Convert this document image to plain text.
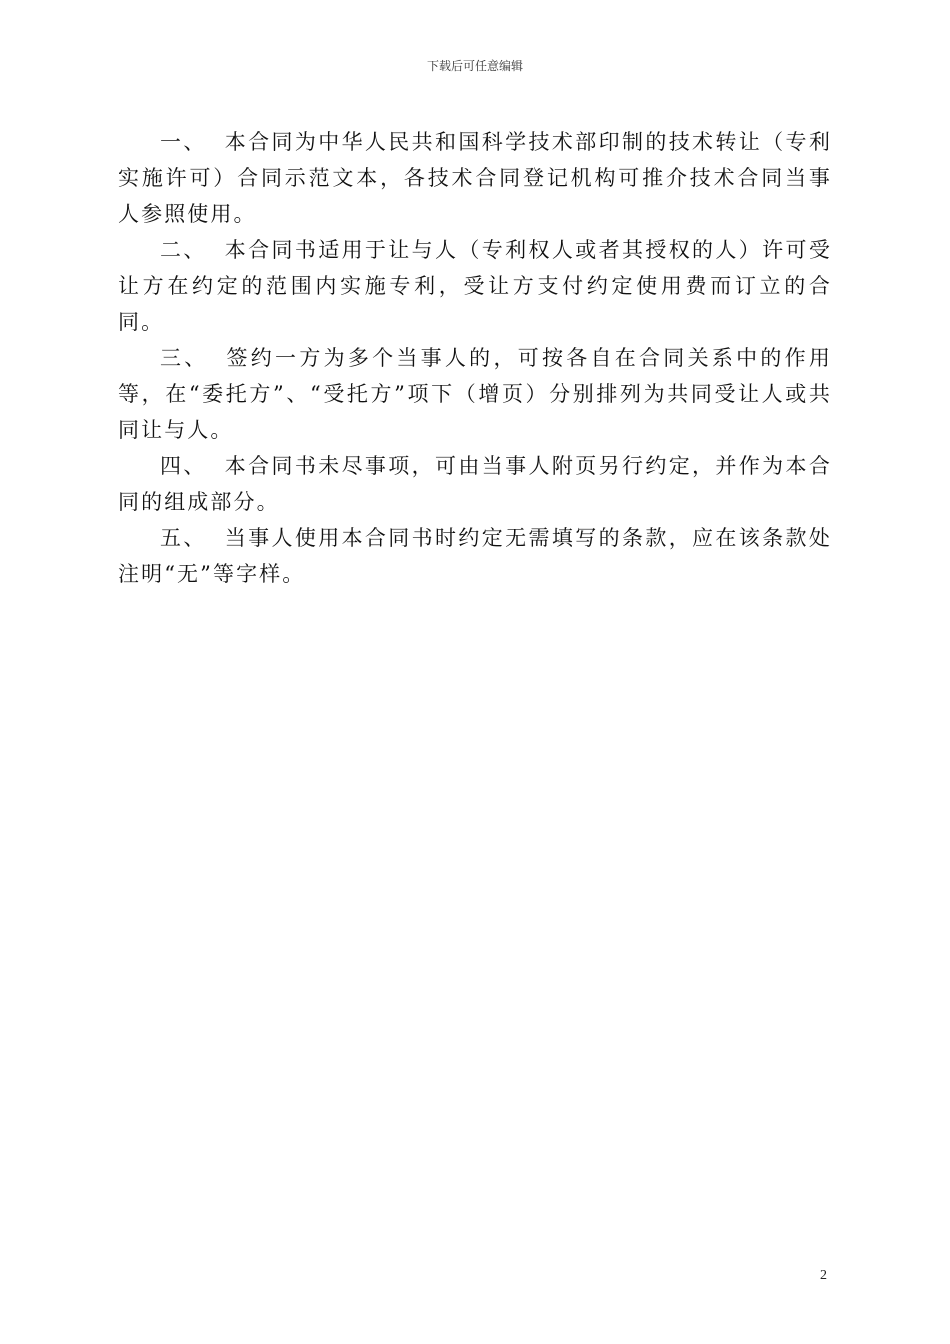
下载后可任意编辑

一、 本合同为中华人民共和国科学技术部印制的技术转让（专利实施许可）合同示范文本，各技术合同登记机构可推介技术合同当事人参照使用。

二、 本合同书适用于让与人（专利权人或者其授权的人）许可受让方在约定的范围内实施专利，受让方支付约定使用费而订立的合同。

三、 签约一方为多个当事人的，可按各自在合同关系中的作用等，在“委托方”、“受托方”项下（增页）分别排列为共同受让人或共同让与人。

四、 本合同书未尽事项，可由当事人附页另行约定，并作为本合同的组成部分。

五、 当事人使用本合同书时约定无需填写的条款，应在该条款处注明“无”等字样。

2
